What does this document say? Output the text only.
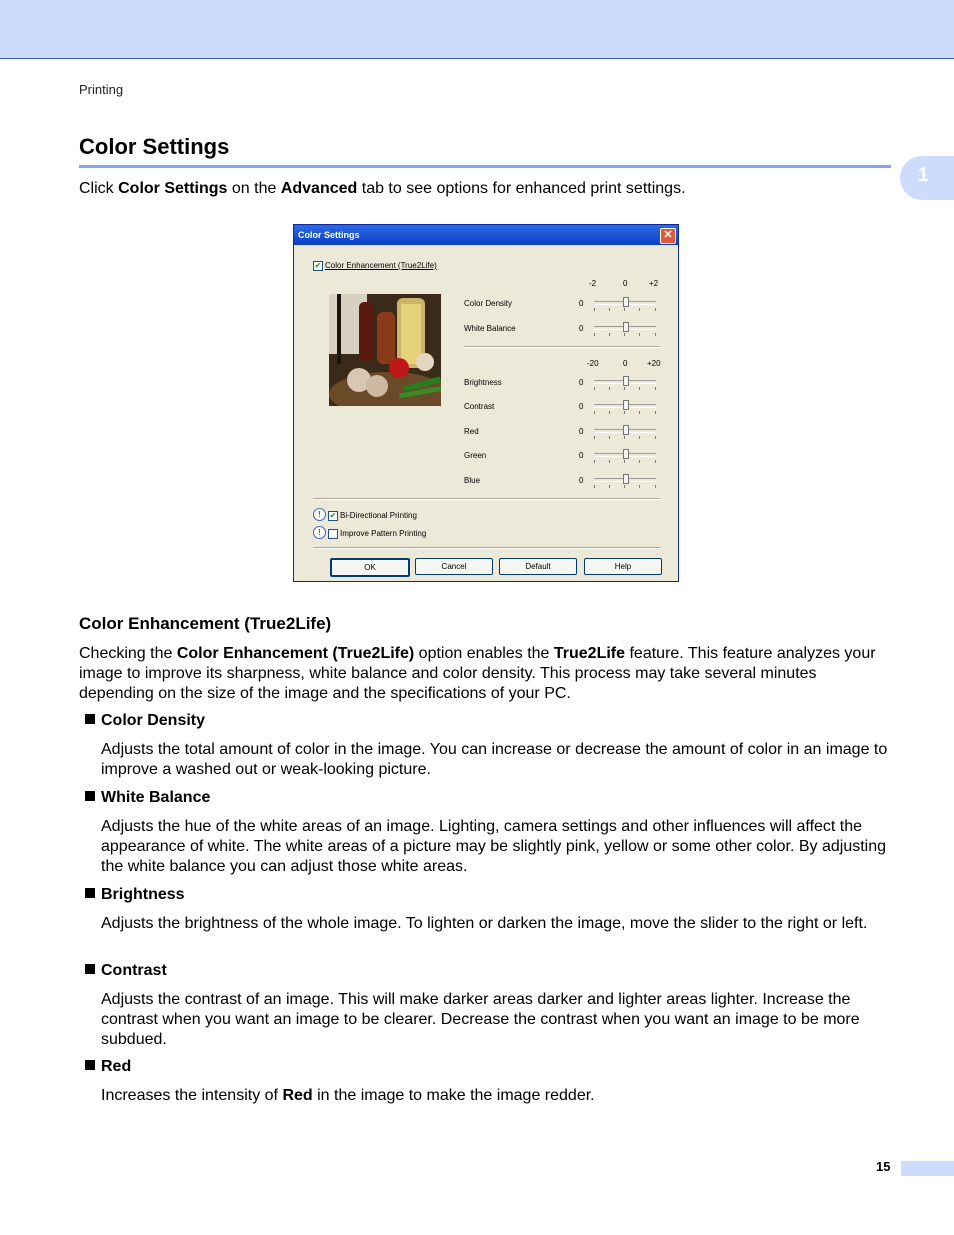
Printing
1
Color Settings
Click Color Settings on the Advanced tab to see options for enhanced print settings.
Color Settings	✕
✔ Color Enhancement (True2Life)
-2	0	+2
Color Density	0
White Balance	0
-20	0 +20
Brightness	0
Contrast	0
Red	0
Green	0
Blue	0
!	✔ Bi-Directional Printing
!	Improve Pattern Printing
OK	Cancel	Default	Help
Color Enhancement (True2Life)
Checking the Color Enhancement (True2Life) option enables the True2Life feature. This feature analyzes your image to improve its sharpness, white balance and color density. This process may take several minutes depending on the size of the image and the specifications of your PC.
Color Density
Adjusts the total amount of color in the image. You can increase or decrease the amount of color in an image to improve a washed out or weak-looking picture.
White Balance
Adjusts the hue of the white areas of an image. Lighting, camera settings and other influences will affect the appearance of white. The white areas of a picture may be slightly pink, yellow or some other color. By adjusting the white balance you can adjust those white areas.
Brightness
Adjusts the brightness of the whole image. To lighten or darken the image, move the slider to the right or left.
Contrast
Adjusts the contrast of an image. This will make darker areas darker and lighter areas lighter. Increase the contrast when you want an image to be clearer. Decrease the contrast when you want an image to be more subdued.
Red
Increases the intensity of Red in the image to make the image redder.
15
